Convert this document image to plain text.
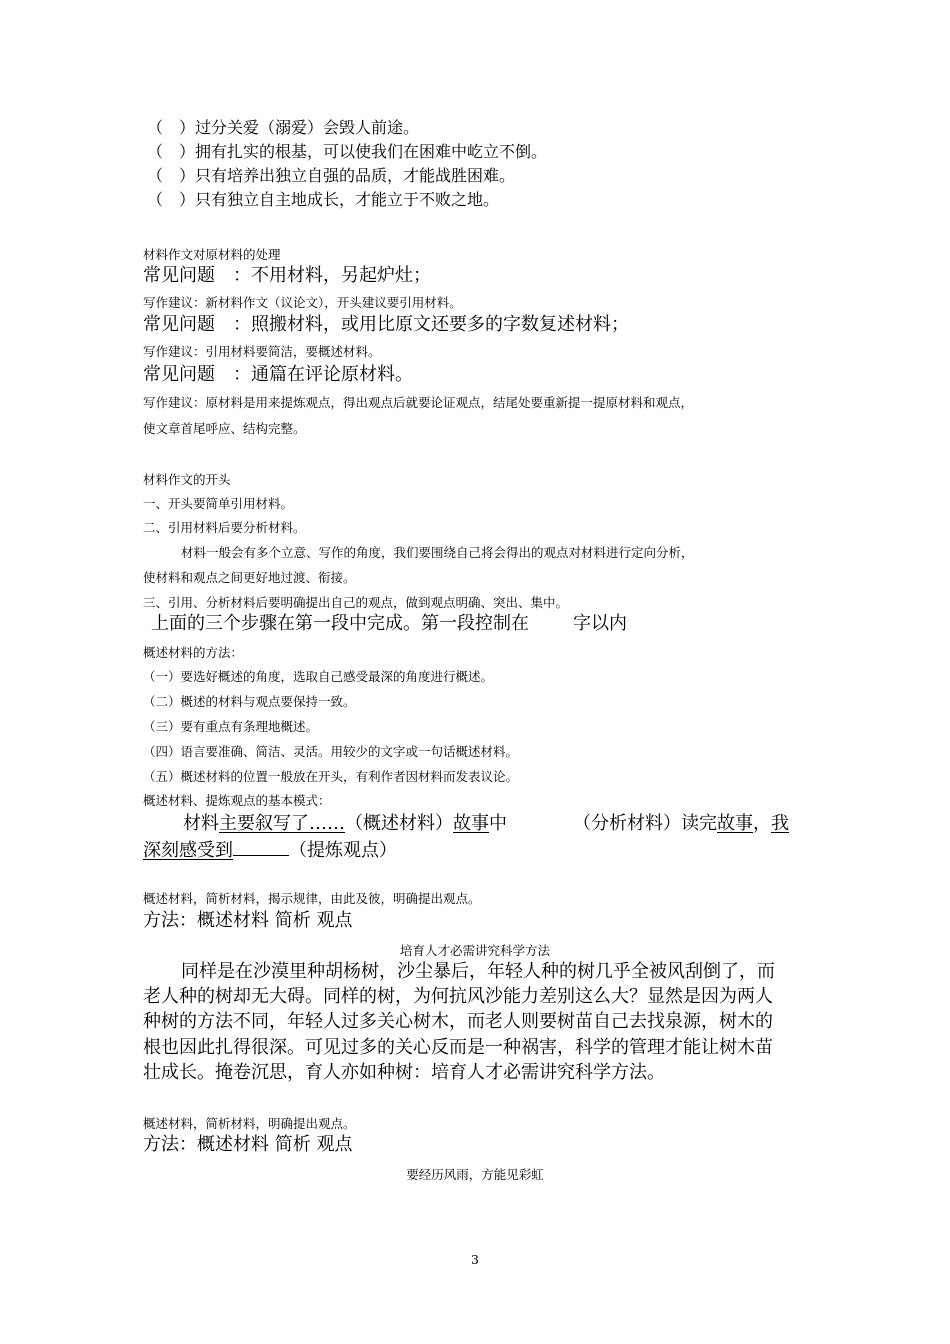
（　）过分关爱（溺爱）会毁人前途。
（　）拥有扎实的根基，可以使我们在困难中屹立不倒。
（　）只有培养出独立自强的品质，才能战胜困难。
（　）只有独立自主地成长，才能立于不败之地。
材料作文对原材料的处理
常见问题　：不用材料，另起炉灶；
写作建议：新材料作文（议论文），开头建议要引用材料。
常见问题　：照搬材料，或用比原文还要多的字数复述材料；
写作建议：引用材料要简洁，要概述材料。
常见问题　：通篇在评论原材料。
写作建议：原材料是用来提炼观点，得出观点后就要论证观点，结尾处要重新提一提原材料和观点，
使文章首尾呼应、结构完整。
材料作文的开头
一、开头要简单引用材料。
二、引用材料后要分析材料。
材料一般会有多个立意、写作的角度，我们要围绕自己将会得出的观点对材料进行定向分析，
使材料和观点之间更好地过渡、衔接。
三、引用、分析材料后要明确提出自己的观点，做到观点明确、突出、集中。
上面的三个步骤在第一段中完成。第一段控制在 字以内
概述材料的方法：
（一）要选好概述的角度，选取自己感受最深的角度进行概述。
（二）概述的材料与观点要保持一致。
（三）要有重点有条理地概述。
（四）语言要准确、简洁、灵活。用较少的文字或一句话概述材料。
（五）概述材料的位置一般放在开头，有利作者因材料而发表议论。
概述材料、提炼观点的基本模式：
材料主要叙写了……（概述材料）故事中	（分析材料）读完故事，我
深刻感受到	（提炼观点）
概述材料，简析材料，揭示规律，由此及彼，明确提出观点。
方法：概述材料 简析 观点
培育人才必需讲究科学方法
同样是在沙漠里种胡杨树，沙尘暴后，年轻人种的树几乎全被风刮倒了，而
老人种的树却无大碍。同样的树，为何抗风沙能力差别这么大？显然是因为两人
种树的方法不同，年轻人过多关心树木，而老人则要树苗自己去找泉源，树木的
根也因此扎得很深。可见过多的关心反而是一种祸害，科学的管理才能让树木苗
壮成长。掩卷沉思，育人亦如种树：培育人才必需讲究科学方法。
概述材料，简析材料，明确提出观点。
方法：概述材料 简析 观点
要经历风雨，方能见彩虹
3
